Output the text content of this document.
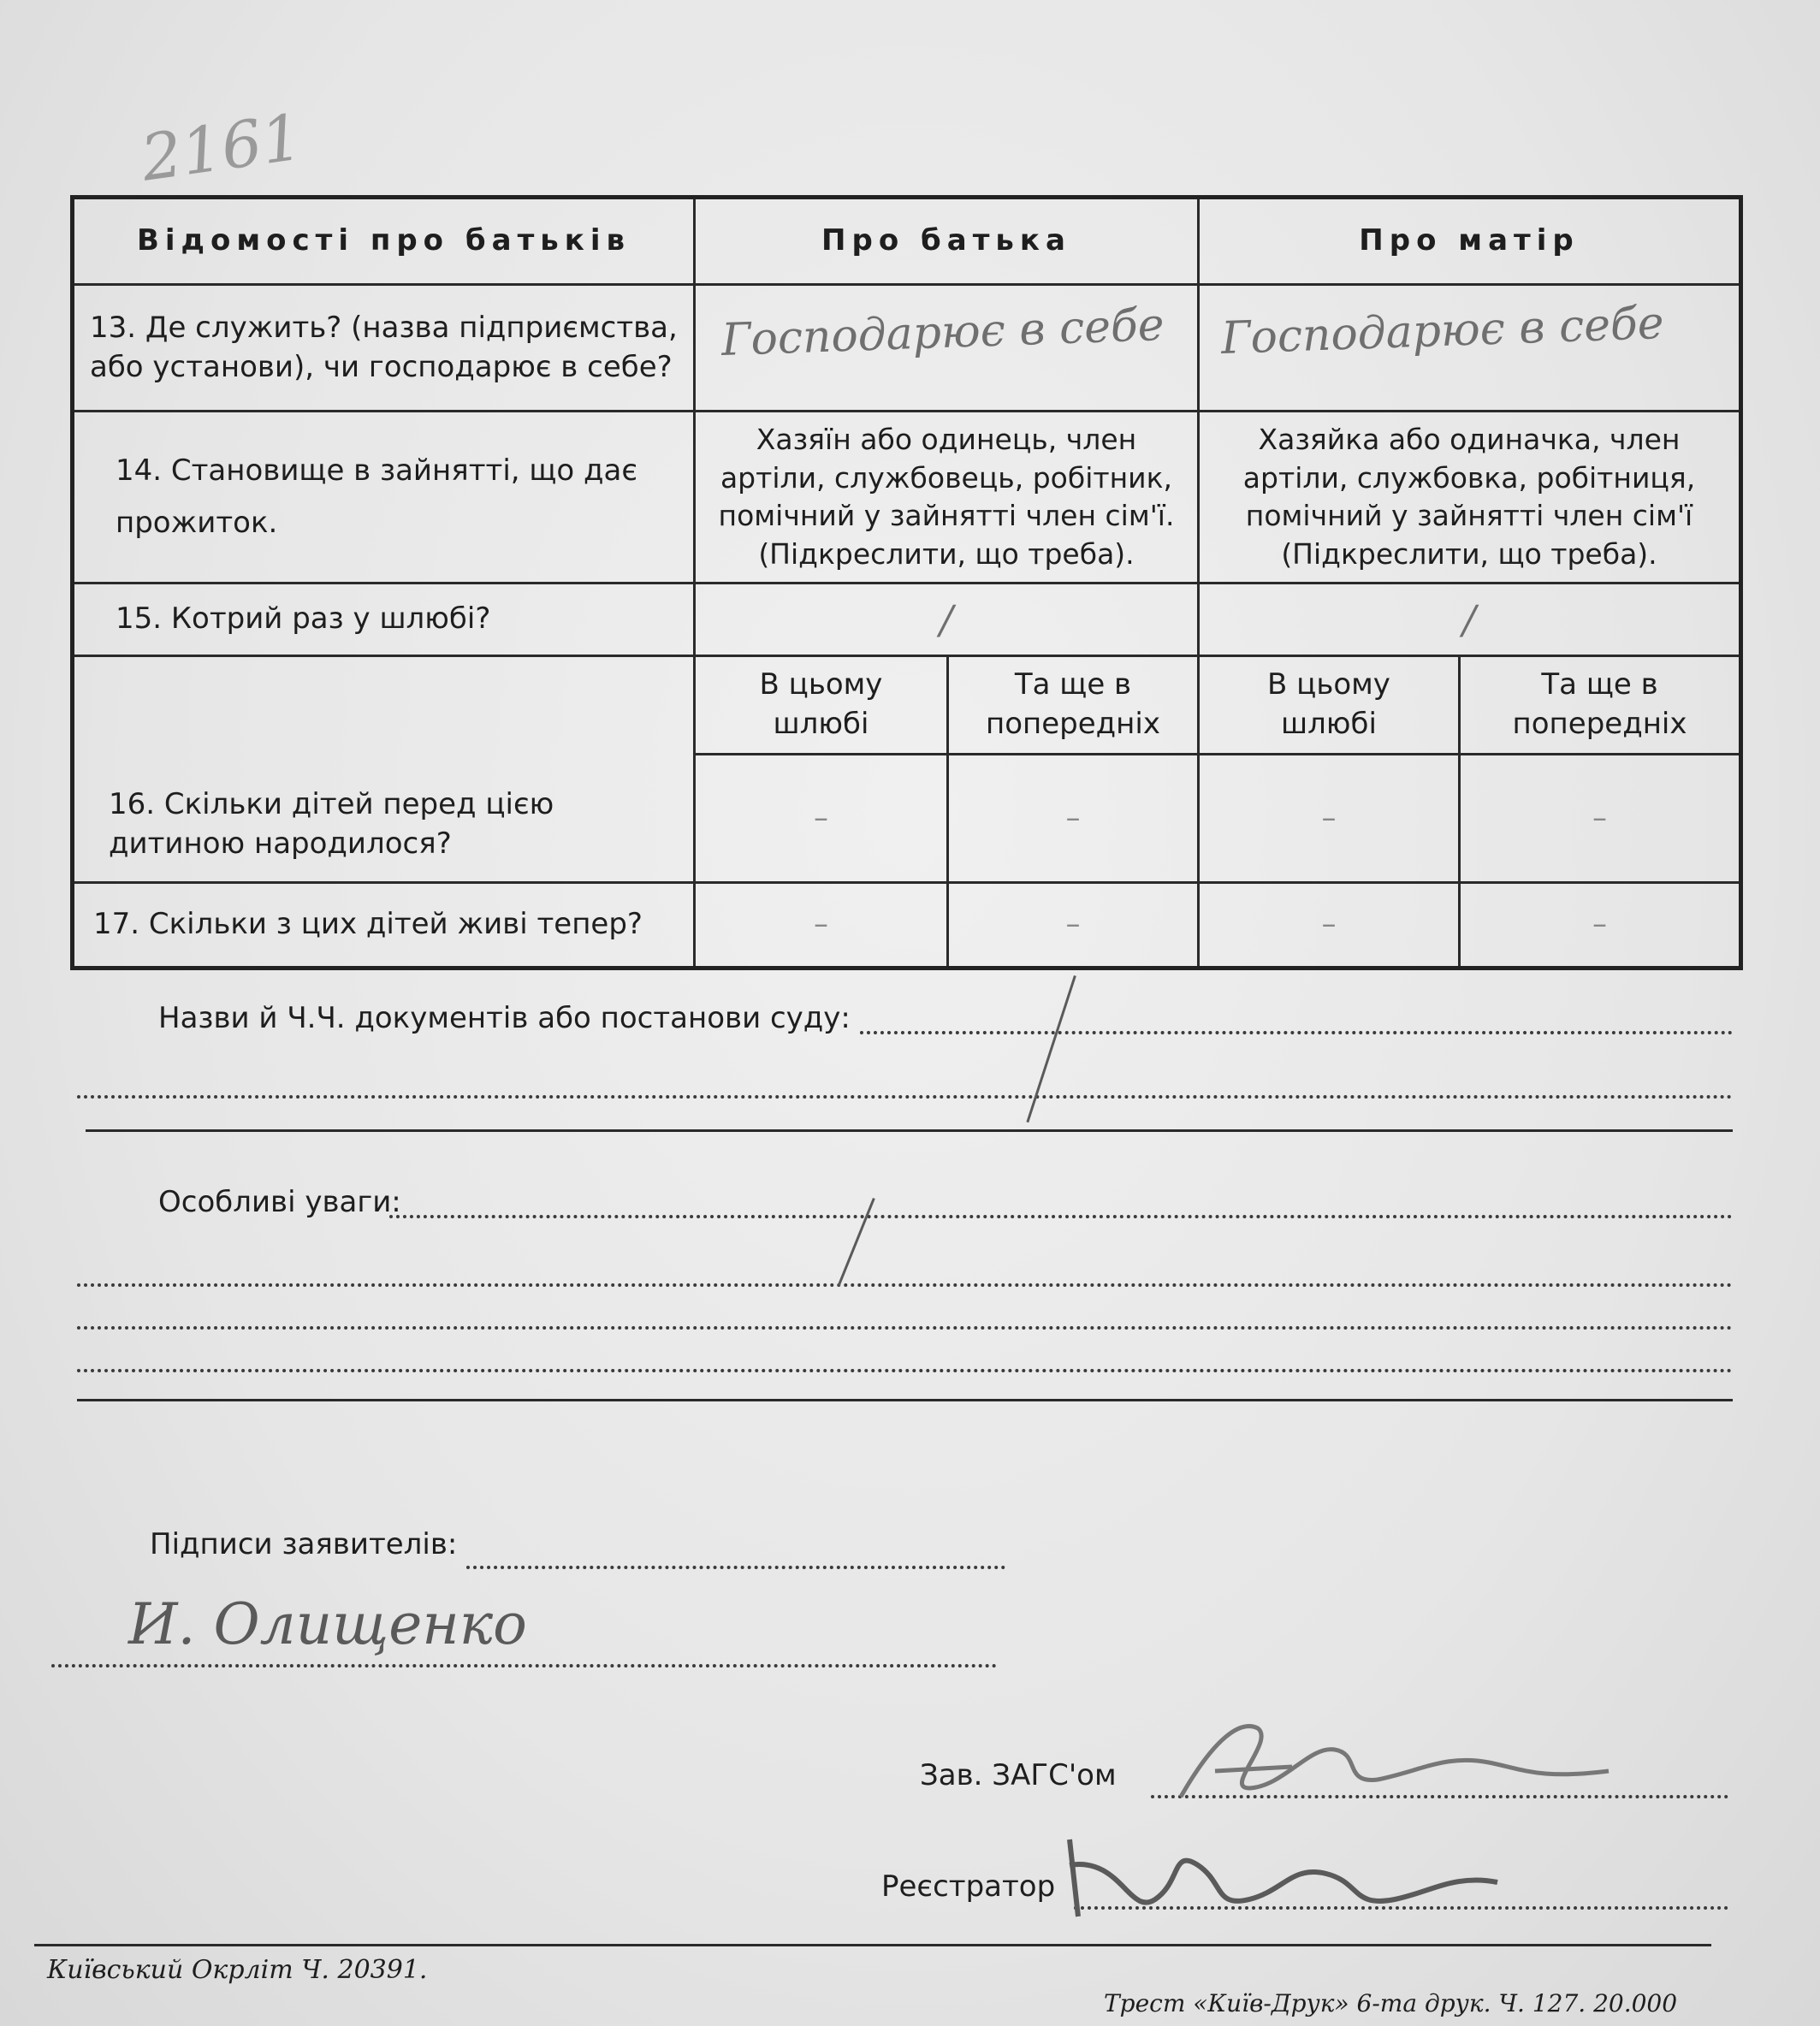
2161
Відомості про батьків	Про батька		Про матір	
13. Де служить? (назва підприємства, або установи), чи господарює в себе?	Господарює в себе		Господарює в себе	

14. Становище в зайнятті, що дає прожиток.	Хазяїн або одинець, член артіли, службовець, робітник, помічний у зайнятті член сім'ї. (Підкреслити, що треба).		Хазяйка або одиначка, член артіли, службовка, робітниця, помічний у зайнятті член сім'ї (Підкреслити, що треба).	
15. Котрий раз у шлюбі?	/		/	
16. Скільки дітей перед цією дитиною народилося?	В цьому шлюбі	Та ще в попередніх	В цьому шлюбі	Та ще в попередніх
	–	–	–	–
17. Скільки з цих дітей живі тепер?	–	–	–	–
Назви й Ч.Ч. документів або постанови суду:
Особливі уваги:
Підписи заявителів:
И. Олищенко
Зав. ЗАГС'ом
Реєстратор
Київський Окрліт Ч. 20391.
Трест «Київ-Друк» 6-та друк. Ч. 127. 20.000
